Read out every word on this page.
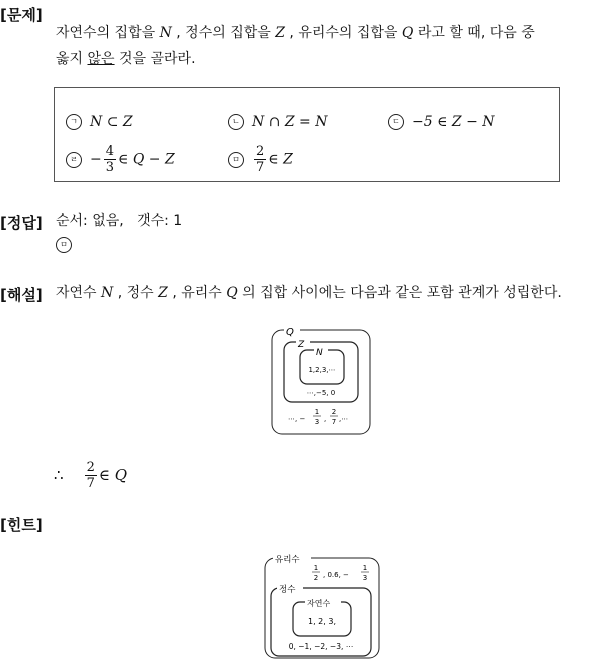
[문제]
자연수의 집합을 N , 정수의 집합을 Z , 유리수의 집합을 Q 라고 할 때, 다음 중
옳지 않은 것을 골라라.
ㄱ N ⊂ Z	ㄴ N ∩ Z = N	ㄷ −5 ∈ Z − N
ㄹ − $\frac{4}{3}$ ∈ Q − Z	ㅁ $\frac{2}{7}$ ∈ Z
[정답] 순서: 없음,   갯수: 1
ㅁ
[해설] 자연수 N , 정수 Z , 유리수 Q 의 집합 사이에는 다음과 같은 포함 관계가 성립한다.
Q
Z
N
1,2,3,⋯
⋯,−5, 0
⋯, −
1
3 ,
2
7 ,⋯
∴ $\frac{2}{7}$ ∈ Q
[힌트]
유리수
1
2 , 0.6, −
1
3
정수
자연수
1, 2, 3,
0, −1, −2, −3, ⋯
